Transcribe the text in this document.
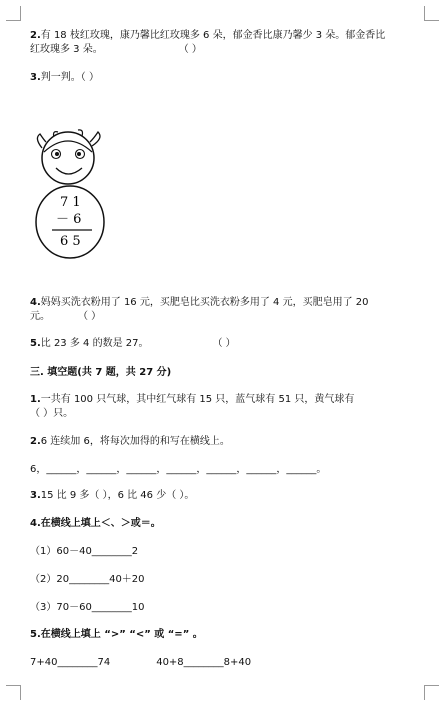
2.有 18 枝红玫瑰，康乃馨比红玫瑰多 6 朵，郁金香比康乃馨少 3 朵。郁金香比
红玫瑰多 3 朵。	（ ）
3.判一判。（ ）
7 1
－ 6
6 5
4.妈妈买洗衣粉用了 16 元，买肥皂比买洗衣粉多用了 4 元，买肥皂用了 20
元。	（ ）
5.比 23 多 4 的数是 27。	（ ）
三. 填空题(共 7 题，共 27 分)
1.一共有 100 只气球，其中红气球有 15 只，蓝气球有 51 只，黄气球有
（ ）只。
2.6 连续加 6，将每次加得的和写在横线上。
6，______，______，______，______，______，______，______。
3.15 比 9 多（ ），6 比 46 少（ ）。
4.在横线上填上＜、＞或＝。
（1）60－40________2
（2）20________40＋20
（3）70－60________10
5.在横线上填上 “>” “<” 或 “=” 。
7+40________74	40+8________8+40
